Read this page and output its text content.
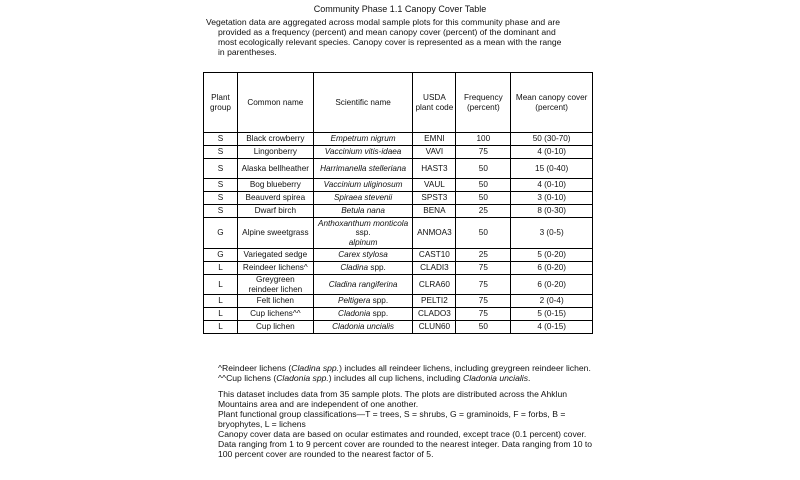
Community Phase 1.1 Canopy Cover Table
Vegetation data are aggregated across modal sample plots for this community phase and are
provided as a frequency (percent) and mean canopy cover (percent) of the dominant and
most ecologically relevant species. Canopy cover is represented as a mean with the range
in parentheses.
Plant group	Common name	Scientific name	USDA plant code	Frequency (percent)	Mean canopy cover (percent)
S	Black crowberry	Empetrum nigrum	EMNI	100	50 (30-70)
S	Lingonberry	Vaccinium vitis-idaea	VAVI	75	4 (0-10)
S	Alaska bellheather	Harrimanella stelleriana	HAST3	50	15 (0-40)
S	Bog blueberry	Vaccinium uliginosum	VAUL	50	4 (0-10)
S	Beauverd spirea	Spiraea stevenii	SPST3	50	3 (0-10)
S	Dwarf birch	Betula nana	BENA	25	8 (0-30)
G	Alpine sweetgrass	Anthoxanthum monticola ssp.
alpinum	ANMOA3	50	3 (0-5)
G	Variegated sedge	Carex stylosa	CAST10	25	5 (0-20)
L	Reindeer lichens^	Cladina spp.	CLADI3	75	6 (0-20)
L	Greygreen reindeer lichen	Cladina rangiferina	CLRA60	75	6 (0-20)
L	Felt lichen	Peltigera spp.	PELTI2	75	2 (0-4)
L	Cup lichens^^	Cladonia spp.	CLADO3	75	5 (0-15)
L	Cup lichen	Cladonia uncialis	CLUN60	50	4 (0-15)

^Reindeer lichens (Cladina spp.) includes all reindeer lichens, including greygreen reindeer lichen.

^^Cup lichens (Cladonia spp.) includes all cup lichens, including Cladonia uncialis.

This dataset includes data from 35 sample plots. The plots are distributed across the Ahklun Mountains area and are independent of one another.

Plant functional group classifications—T = trees, S = shrubs, G = graminoids, F = forbs, B = bryophytes, L = lichens

Canopy cover data are based on ocular estimates and rounded, except trace (0.1 percent) cover. Data ranging from 1 to 9 percent cover are rounded to the nearest integer. Data ranging from 10 to 100 percent cover are rounded to the nearest factor of 5.
